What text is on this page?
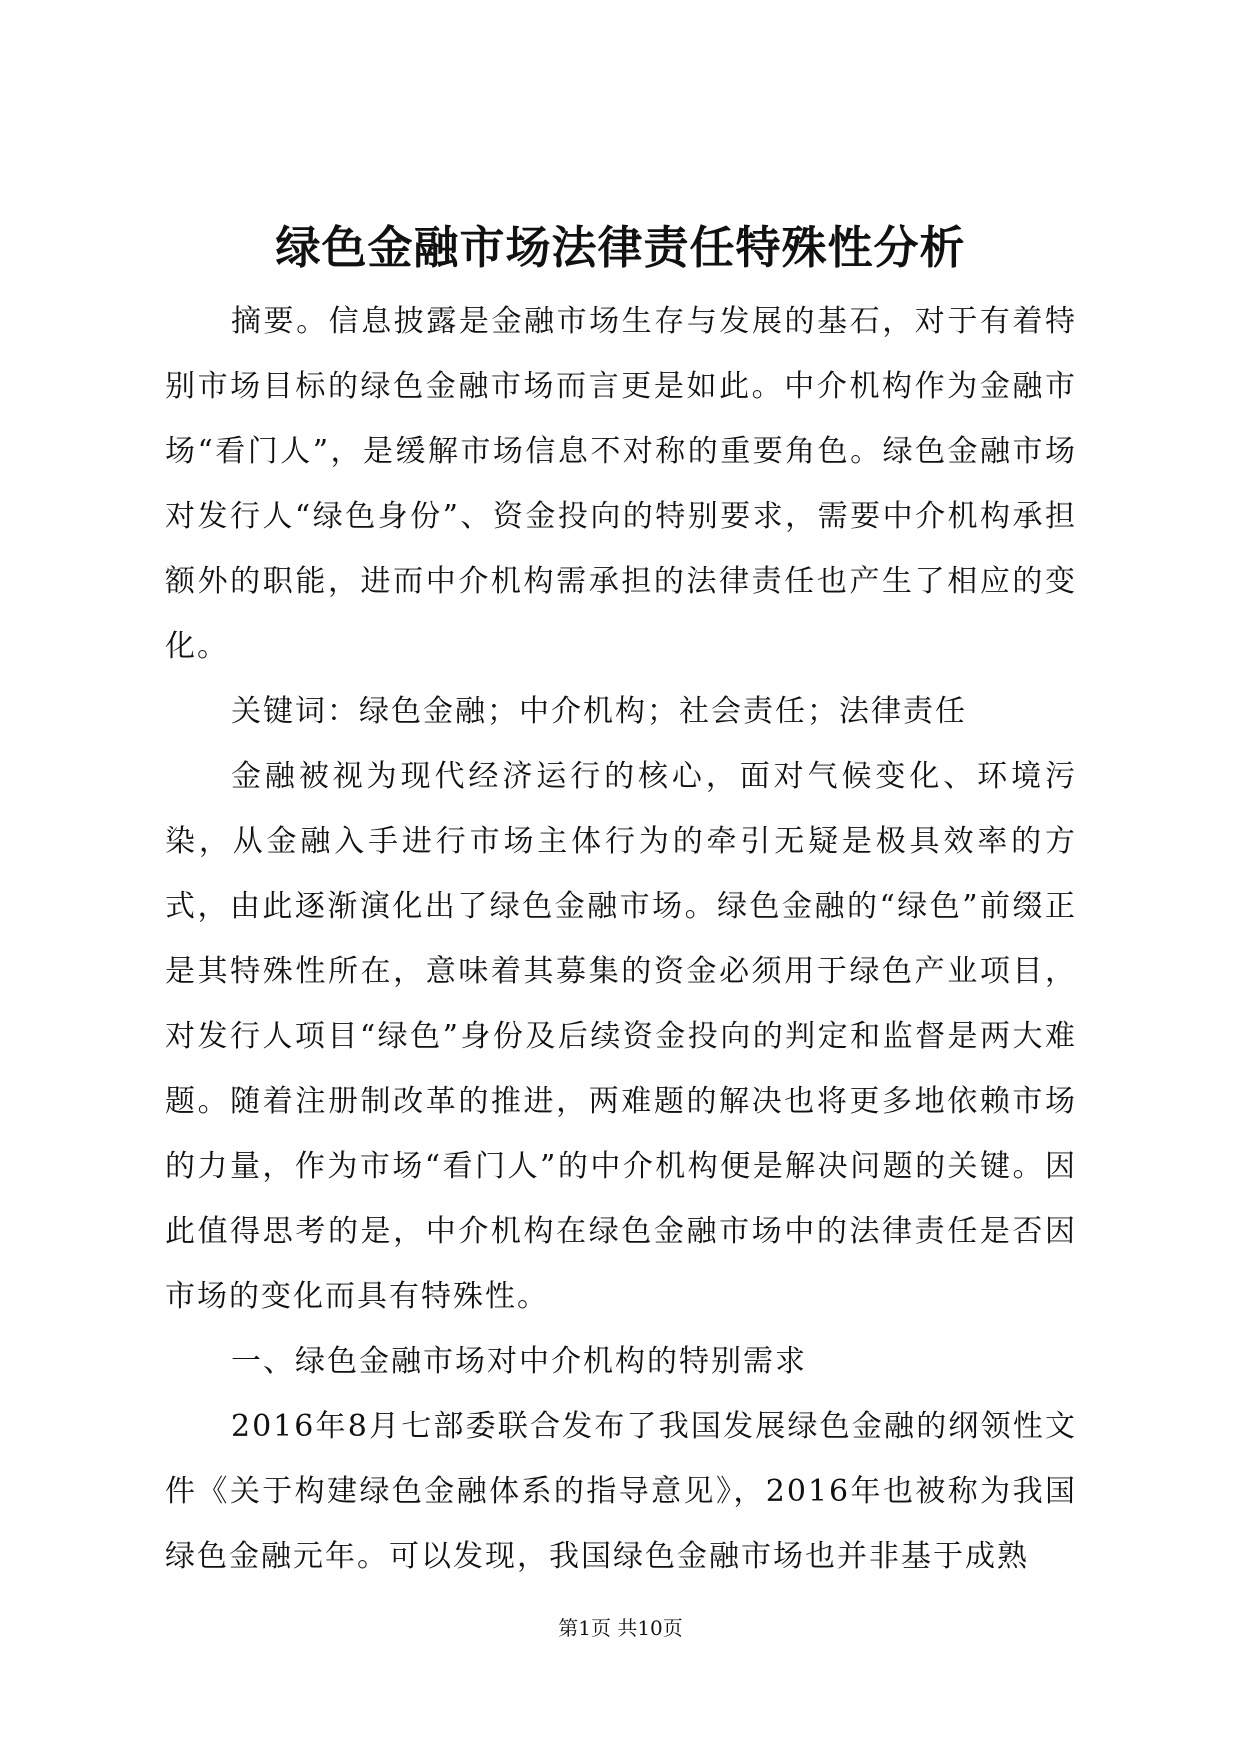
绿色金融市场法律责任特殊性分析

摘要。信息披露是金融市场生存与发展的基石，对于有着特别市场目标的绿色金融市场而言更是如此。中介机构作为金融市场“看门人”，是缓解市场信息不对称的重要角色。绿色金融市场对发行人“绿色身份”、资金投向的特别要求，需要中介机构承担额外的职能，进而中介机构需承担的法律责任也产生了相应的变化。

关键词：绿色金融；中介机构；社会责任；法律责任

金融被视为现代经济运行的核心，面对气候变化、环境污染，从金融入手进行市场主体行为的牵引无疑是极具效率的方式，由此逐渐演化出了绿色金融市场。绿色金融的“绿色”前缀正是其特殊性所在，意味着其募集的资金必须用于绿色产业项目，对发行人项目“绿色”身份及后续资金投向的判定和监督是两大难题。随着注册制改革的推进，两难题的解决也将更多地依赖市场的力量，作为市场“看门人”的中介机构便是解决问题的关键。因此值得思考的是，中介机构在绿色金融市场中的法律责任是否因市场的变化而具有特殊性。

一、绿色金融市场对中介机构的特别需求

2016年8月七部委联合发布了我国发展绿色金融的纲领性文件《关于构建绿色金融体系的指导意见》，2016年也被称为我国绿色金融元年。可以发现，我国绿色金融市场也并非基于成熟

第1页 共10页
